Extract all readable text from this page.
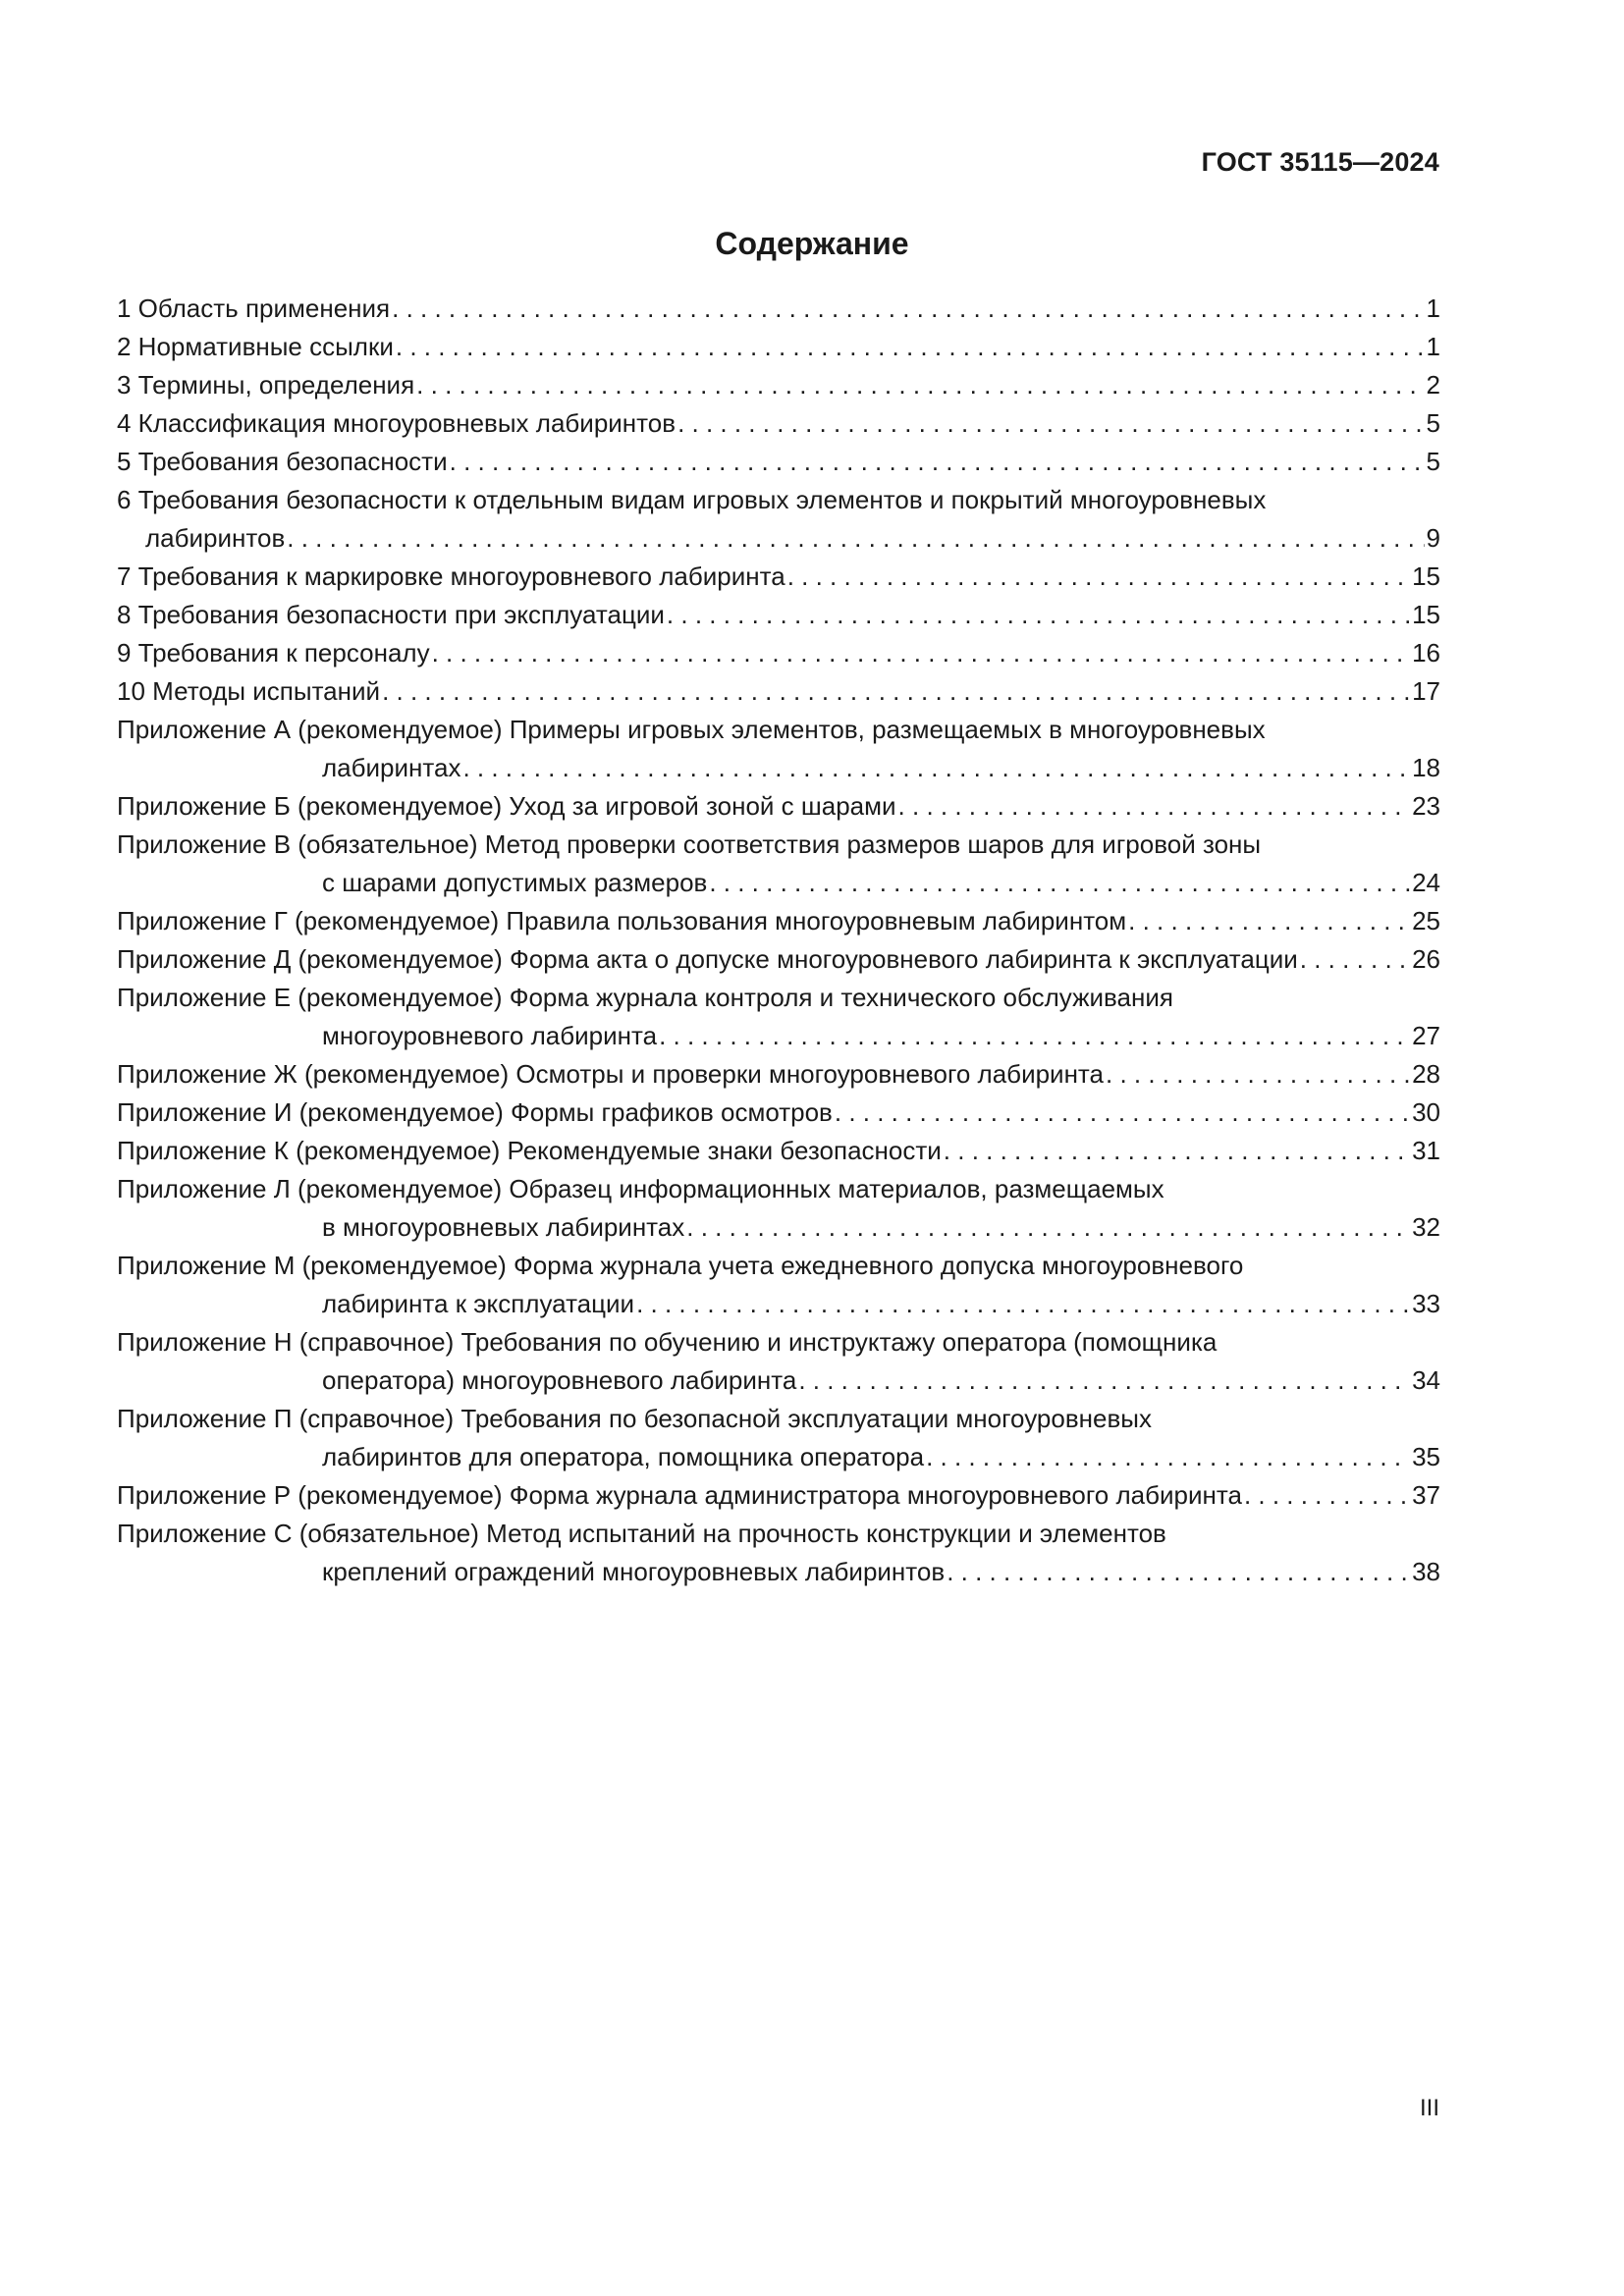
ГОСТ 35115—2024
Содержание
1 Область применения . . .	1
2 Нормативные ссылки . . .	1
3 Термины, определения . . .	2
4 Классификация многоуровневых лабиринтов . . .	5
5 Требования безопасности . . .	5
6 Требования безопасности к отдельным видам игровых элементов и покрытий многоуровневых
лабиринтов . . .	9
7 Требования к маркировке многоуровневого лабиринта . . .	15
8 Требования безопасности при эксплуатации . . .	15
9 Требования к персоналу . . .	16
10 Методы испытаний . . .	17
Приложение А (рекомендуемое) Примеры игровых элементов, размещаемых в многоуровневых
лабиринтах . . .	18
Приложение Б (рекомендуемое) Уход за игровой зоной с шарами . . .	23
Приложение В (обязательное) Метод проверки соответствия размеров шаров для игровой зоны
с шарами допустимых размеров . . .	24
Приложение Г (рекомендуемое) Правила пользования многоуровневым лабиринтом . . .	25
Приложение Д (рекомендуемое) Форма акта о допуске многоуровневого лабиринта к эксплуатации . . .	26
Приложение Е (рекомендуемое) Форма журнала контроля и технического обслуживания
многоуровневого лабиринта . . .	27
Приложение Ж (рекомендуемое) Осмотры и проверки многоуровневого лабиринта . . .	28
Приложение И (рекомендуемое) Формы графиков осмотров . . .	30
Приложение К (рекомендуемое) Рекомендуемые знаки безопасности . . .	31
Приложение Л (рекомендуемое) Образец информационных материалов, размещаемых
в многоуровневых лабиринтах . . .	32
Приложение М (рекомендуемое) Форма журнала учета ежедневного допуска многоуровневого
лабиринта к эксплуатации . . .	33
Приложение Н (справочное) Требования по обучению и инструктажу оператора (помощника
оператора) многоуровневого лабиринта . . .	34
Приложение П (справочное) Требования по безопасной эксплуатации многоуровневых
лабиринтов для оператора, помощника оператора . . .	35
Приложение Р (рекомендуемое) Форма журнала администратора многоуровневого лабиринта . . .	37
Приложение С (обязательное) Метод испытаний на прочность конструкции и элементов
креплений ограждений многоуровневых лабиринтов . . .	38
III
